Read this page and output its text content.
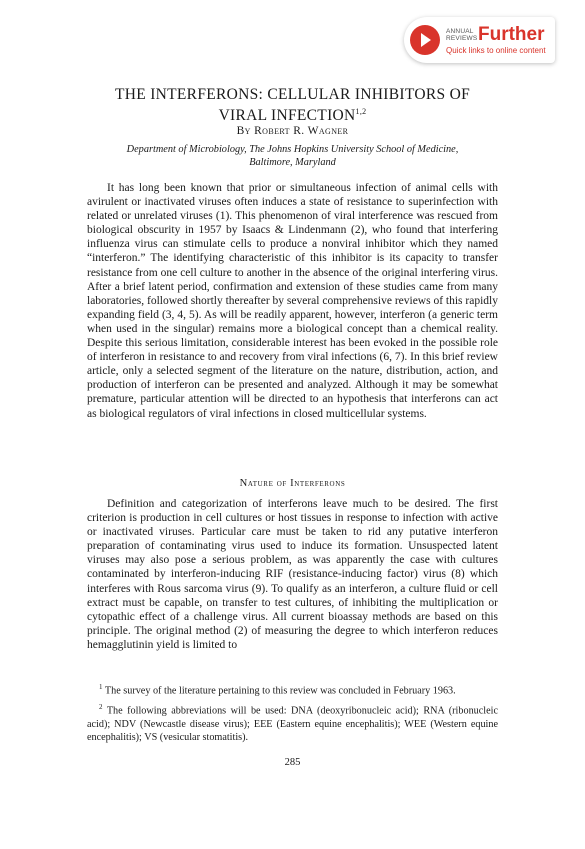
ANNUAL
REVIEWS Further
Quick links to online content
THE INTERFERONS: CELLULAR INHIBITORS OF
VIRAL INFECTION$^{1,2}$
By Robert R. Wagner
Department of Microbiology, The Johns Hopkins University School of Medicine,
Baltimore, Maryland

It has long been known that prior or simultaneous infection of animal cells with avirulent or inactivated viruses often induces a state of resistance to superinfection with related or unrelated viruses (1). This phenomenon of viral interference was rescued from biological obscurity in 1957 by Isaacs & Lindenmann (2), who found that interfering influenza virus can stimulate cells to produce a nonviral inhibitor which they named “interferon.” The identifying characteristic of this inhibitor is its capacity to transfer resistance from one cell culture to another in the absence of the original interfering virus. After a brief latent period, confirmation and extension of these studies came from many laboratories, followed shortly thereafter by several comprehensive reviews of this rapidly expanding field (3, 4, 5). As will be readily apparent, however, interferon (a generic term when used in the singular) remains more a biological concept than a chemical reality. Despite this serious limitation, considerable interest has been evoked in the possible role of interferon in resistance to and recovery from viral infections (6, 7). In this brief review article, only a selected segment of the literature on the nature, distribution, action, and production of interferon can be presented and analyzed. Although it may be somewhat premature, particular attention will be directed to an hypothesis that interferons can act as biological regulators of viral infections in closed multicellular systems.

Nature of Interferons

Definition and categorization of interferons leave much to be desired. The first criterion is production in cell cultures or host tissues in response to infection with active or inactivated viruses. Particular care must be taken to rid any putative interferon preparation of contaminating virus used to induce its formation. Unsuspected latent viruses may also pose a serious problem, as was apparently the case with cultures contaminated by interferon-inducing RIF (resistance-inducing factor) virus (8) which interferes with Rous sarcoma virus (9). To qualify as an interferon, a culture fluid or cell extract must be capable, on transfer to test cultures, of inhibiting the multiplication or cytopathic effect of a challenge virus. All current bioassay methods are based on this principle. The original method (2) of measuring the degree to which interferon reduces hemagglutinin yield is limited to

$^1$ The survey of the literature pertaining to this review was concluded in February 1963.

$^2$ The following abbreviations will be used: DNA (deoxyribonucleic acid); RNA (ribonucleic acid); NDV (Newcastle disease virus); EEE (Eastern equine encephalitis); WEE (Western equine encephalitis); VS (vesicular stomatitis).

285
